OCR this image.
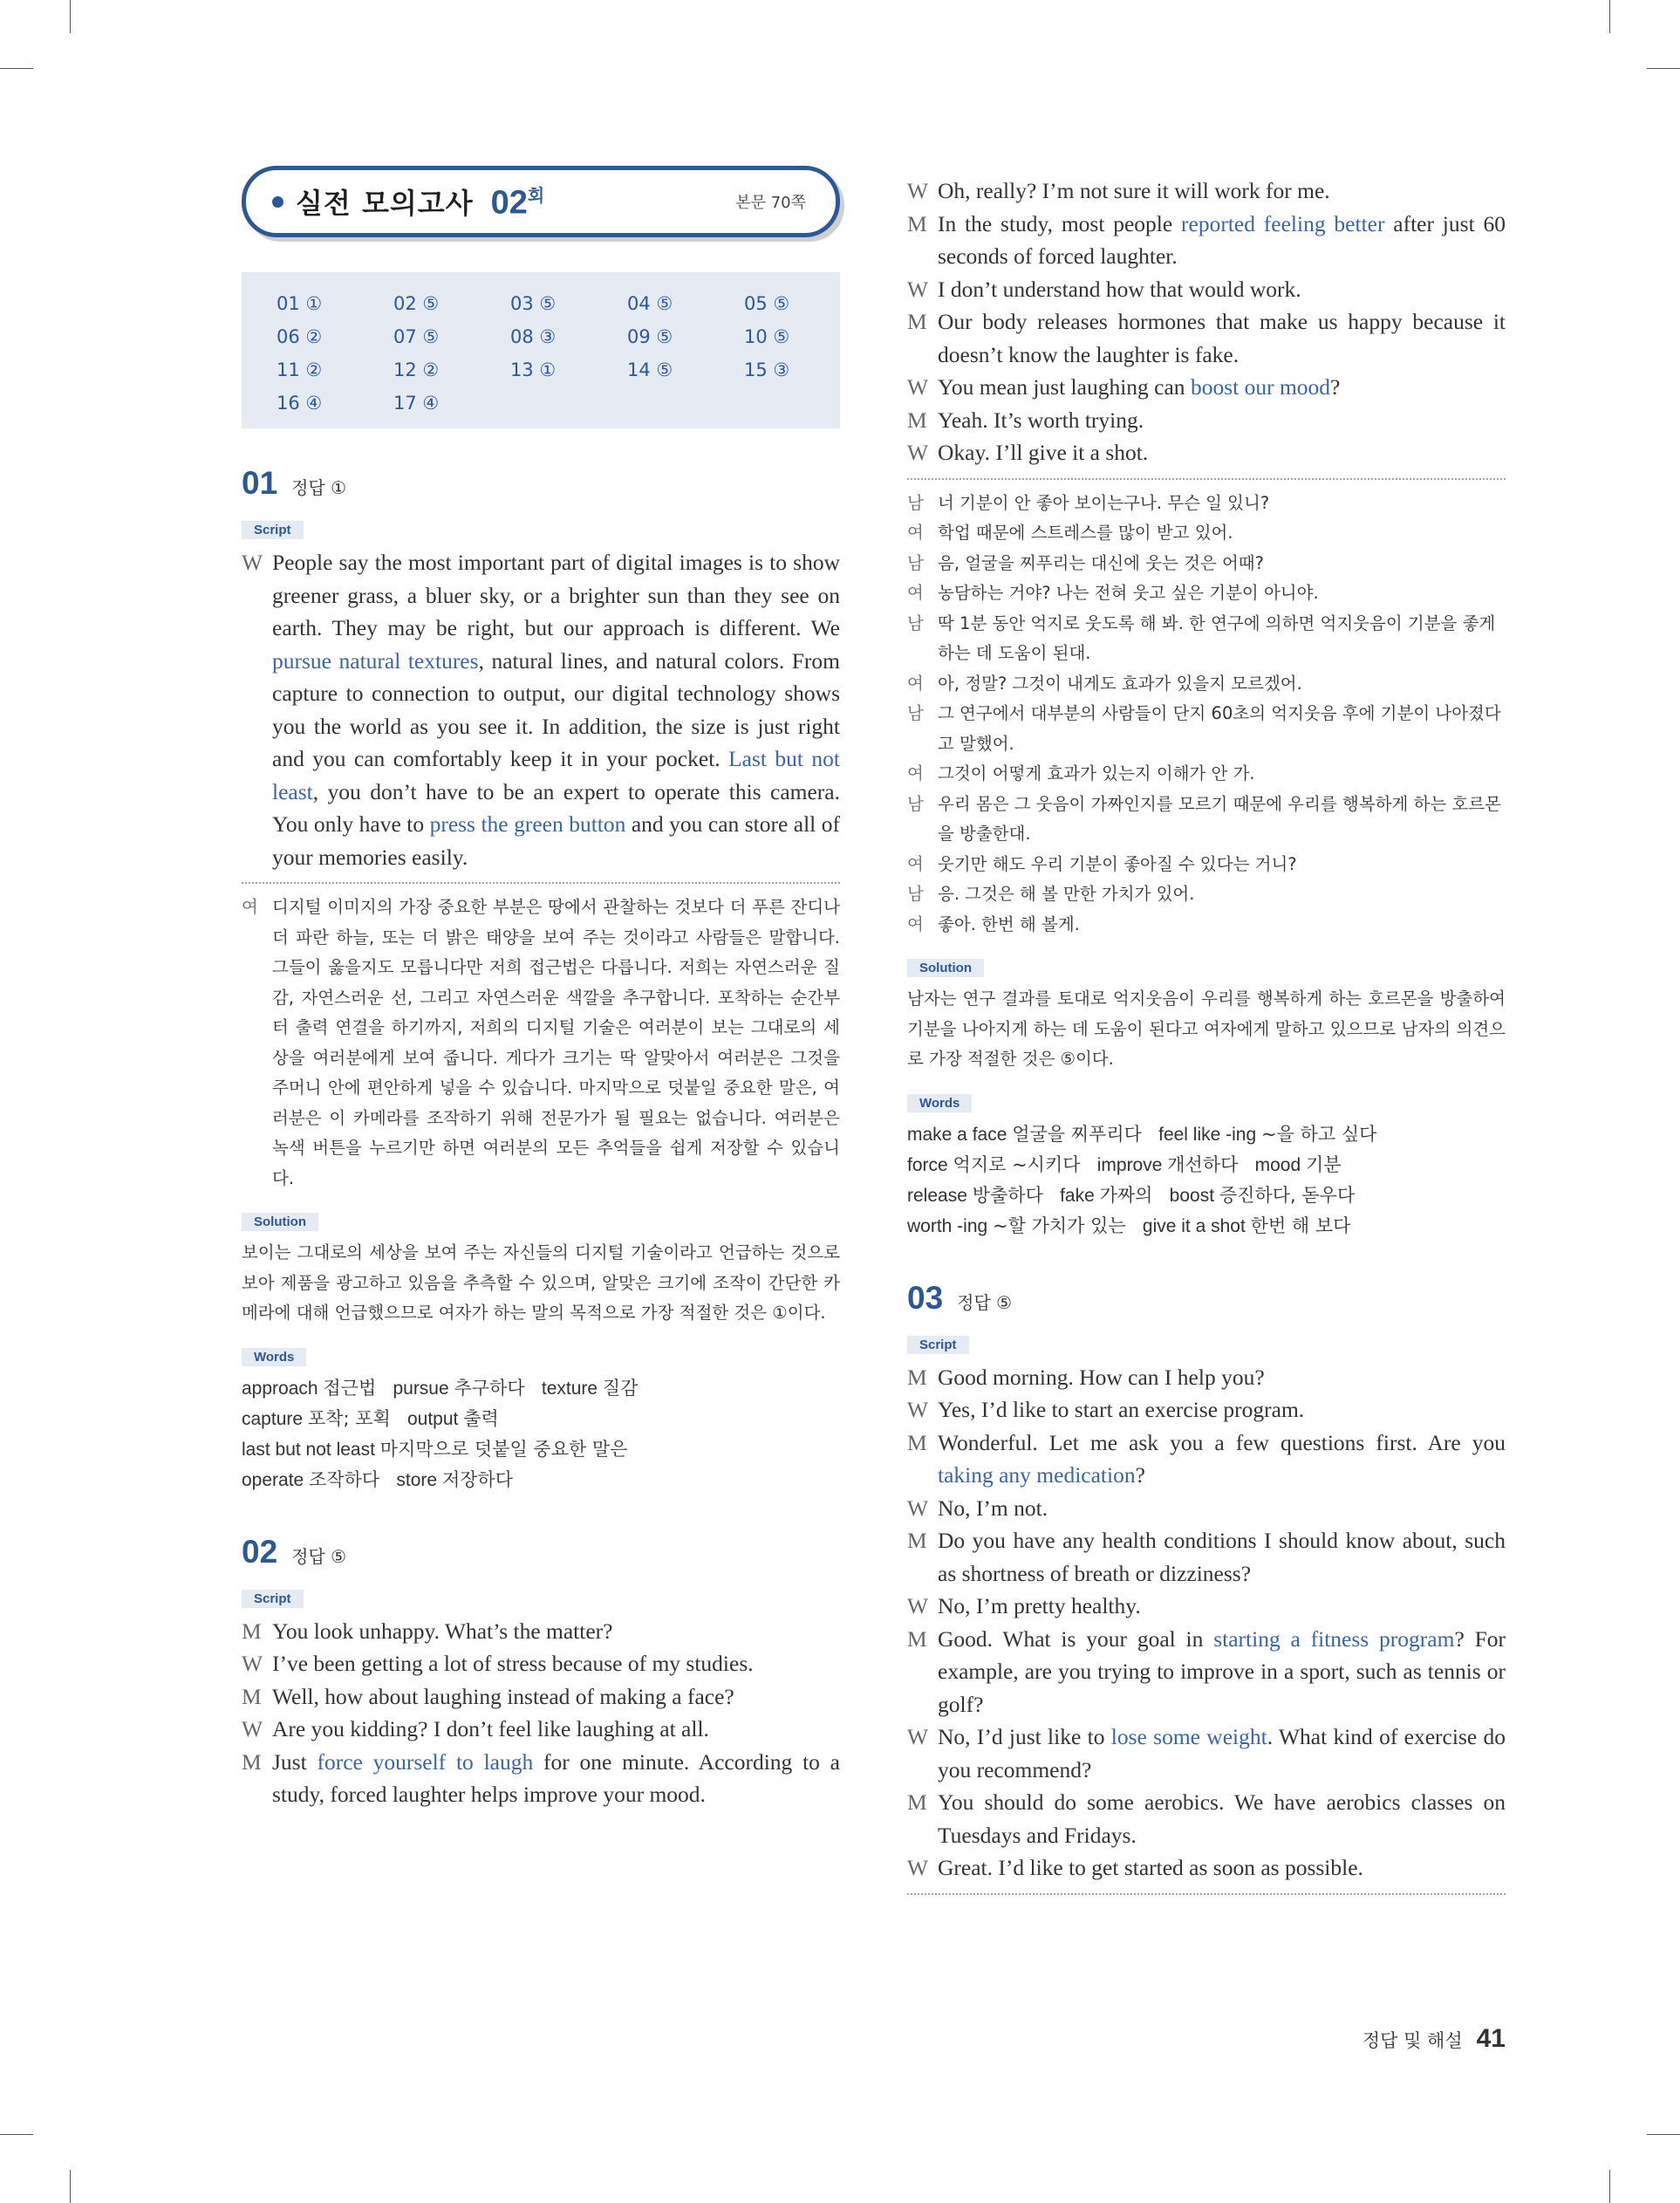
실전 모의고사 $02^회$	본문 70쪽
01 ①	02 ⑤	03 ⑤	04 ⑤	05 ⑤
06 ②	07 ⑤	08 ③	09 ⑤	10 ⑤
11 ②	12 ②	13 ①	14 ⑤	15 ③
16 ④	17 ④
01 정답 ①
Script
W People say the most important part of digital images is to show greener grass, a bluer sky, or a brighter sun than they see on earth. They may be right, but our approach is different. We pursue natural textures, natural lines, and natural colors. From capture to connection to output, our digital technology shows you the world as you see it. In addition, the size is just right and you can comfortably keep it in your pocket. Last but not least, you don’t have to be an expert to operate this camera. You only have to press the green button and you can store all of your memories easily.
여 디지털 이미지의 가장 중요한 부분은 땅에서 관찰하는 것보다 더 푸른 잔디나 더 파란 하늘, 또는 더 밝은 태양을 보여 주는 것이라고 사람들은 말합니다. 그들이 옳을지도 모릅니다만 저희 접근법은 다릅니다. 저희는 자연스러운 질감, 자연스러운 선, 그리고 자연스러운 색깔을 추구합니다. 포착하는 순간부터 출력 연결을 하기까지, 저희의 디지털 기술은 여러분이 보는 그대로의 세상을 여러분에게 보여 줍니다. 게다가 크기는 딱 알맞아서 여러분은 그것을 주머니 안에 편안하게 넣을 수 있습니다. 마지막으로 덧붙일 중요한 말은, 여러분은 이 카메라를 조작하기 위해 전문가가 될 필요는 없습니다. 여러분은 녹색 버튼을 누르기만 하면 여러분의 모든 추억들을 쉽게 저장할 수 있습니다.
Solution
보이는 그대로의 세상을 보여 주는 자신들의 디지털 기술이라고 언급하는 것으로 보아 제품을 광고하고 있음을 추측할 수 있으며, 알맞은 크기에 조작이 간단한 카메라에 대해 언급했으므로 여자가 하는 말의 목적으로 가장 적절한 것은 ①이다.
Words
approach 접근법   pursue 추구하다   texture 질감
capture 포착; 포획   output 출력
last but not least 마지막으로 덧붙일 중요한 말은
operate 조작하다   store 저장하다
02 정답 ⑤
Script
M You look unhappy. What’s the matter?
W I’ve been getting a lot of stress because of my studies.
M Well, how about laughing instead of making a face?
W Are you kidding? I don’t feel like laughing at all.
M Just force yourself to laugh for one minute. According to a study, forced laughter helps improve your mood.
W Oh, really? I’m not sure it will work for me.
M In the study, most people reported feeling better after just 60 seconds of forced laughter.
W I don’t understand how that would work.
M Our body releases hormones that make us happy because it doesn’t know the laughter is fake.
W You mean just laughing can boost our mood?
M Yeah. It’s worth trying.
W Okay. I’ll give it a shot.
남 너 기분이 안 좋아 보이는구나. 무슨 일 있니?
여 학업 때문에 스트레스를 많이 받고 있어.
남 음, 얼굴을 찌푸리는 대신에 웃는 것은 어때?
여 농담하는 거야? 나는 전혀 웃고 싶은 기분이 아니야.
남 딱 1분 동안 억지로 웃도록 해 봐. 한 연구에 의하면 억지웃음이 기분을 좋게 하는 데 도움이 된대.
여 아, 정말? 그것이 내게도 효과가 있을지 모르겠어.
남 그 연구에서 대부분의 사람들이 단지 60초의 억지웃음 후에 기분이 나아졌다고 말했어.
여 그것이 어떻게 효과가 있는지 이해가 안 가.
남 우리 몸은 그 웃음이 가짜인지를 모르기 때문에 우리를 행복하게 하는 호르몬을 방출한대.
여 웃기만 해도 우리 기분이 좋아질 수 있다는 거니?
남 응. 그것은 해 볼 만한 가치가 있어.
여 좋아. 한번 해 볼게.
Solution
남자는 연구 결과를 토대로 억지웃음이 우리를 행복하게 하는 호르몬을 방출하여 기분을 나아지게 하는 데 도움이 된다고 여자에게 말하고 있으므로 남자의 의견으로 가장 적절한 것은 ⑤이다.
Words
make a face 얼굴을 찌푸리다   feel like -ing ~을 하고 싶다
force 억지로 ~시키다   improve 개선하다   mood 기분
release 방출하다   fake 가짜의   boost 증진하다, 돋우다
worth -ing ~할 가치가 있는   give it a shot 한번 해 보다
03 정답 ⑤
Script
M Good morning. How can I help you?
W Yes, I’d like to start an exercise program.
M Wonderful. Let me ask you a few questions first. Are you taking any medication?
W No, I’m not.
M Do you have any health conditions I should know about, such as shortness of breath or dizziness?
W No, I’m pretty healthy.
M Good. What is your goal in starting a fitness program? For example, are you trying to improve in a sport, such as tennis or golf?
W No, I’d just like to lose some weight. What kind of exercise do you recommend?
M You should do some aerobics. We have aerobics classes on Tuesdays and Fridays.
W Great. I’d like to get started as soon as possible.
정답 및 해설 41
